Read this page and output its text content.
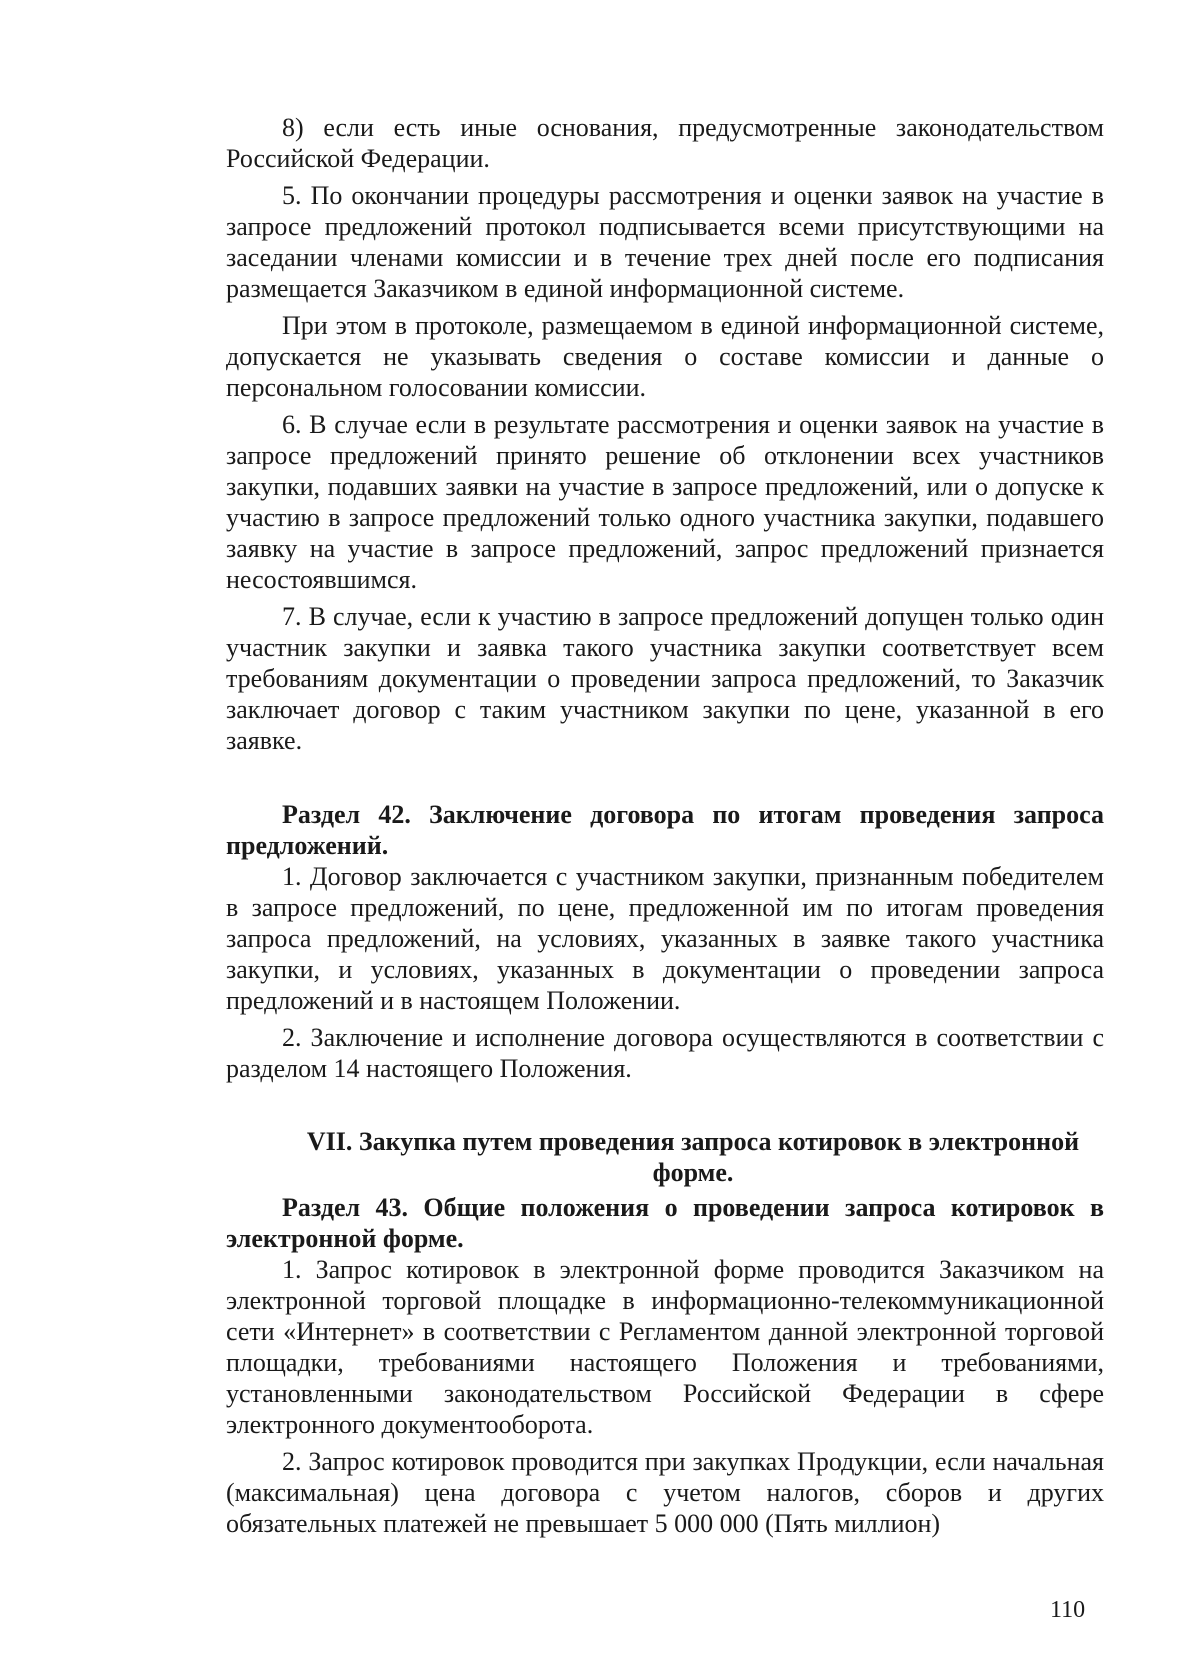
8) если есть иные основания, предусмотренные законодательством Российской Федерации.

5. По окончании процедуры рассмотрения и оценки заявок на участие в запросе предложений протокол подписывается всеми присутствующими на заседании членами комиссии и в течение трех дней после его подписания размещается Заказчиком в единой информационной системе.

При этом в протоколе, размещаемом в единой информационной системе, допускается не указывать сведения о составе комиссии и данные о персональном голосовании комиссии.

6. В случае если в результате рассмотрения и оценки заявок на участие в запросе предложений принято решение об отклонении всех участников закупки, подавших заявки на участие в запросе предложений, или о допуске к участию в запросе предложений только одного участника закупки, подавшего заявку на участие в запросе предложений, запрос предложений признается несостоявшимся.

7. В случае, если к участию в запросе предложений допущен только один участник закупки и заявка такого участника закупки соответствует всем требованиям документации о проведении запроса предложений, то Заказчик заключает договор с таким участником закупки по цене, указанной в его заявке.

Раздел 42. Заключение договора по итогам проведения запроса предложений.

1. Договор заключается с участником закупки, признанным победителем в запросе предложений, по цене, предложенной им по итогам проведения запроса предложений, на условиях, указанных в заявке такого участника закупки, и условиях, указанных в документации о проведении запроса предложений и в настоящем Положении.

2. Заключение и исполнение договора осуществляются в соответствии с разделом 14 настоящего Положения.

VII. Закупка путем проведения запроса котировок в электронной форме.

Раздел 43. Общие положения о проведении запроса котировок в электронной форме.

1. Запрос котировок в электронной форме проводится Заказчиком на электронной торговой площадке в информационно-телекоммуникационной сети «Интернет» в соответствии с Регламентом данной электронной торговой площадки, требованиями настоящего Положения и требованиями, установленными законодательством Российской Федерации в сфере электронного документооборота.

2. Запрос котировок проводится при закупках Продукции, если начальная (максимальная) цена договора с учетом налогов, сборов и других обязательных платежей не превышает 5 000 000 (Пять миллион)

110
